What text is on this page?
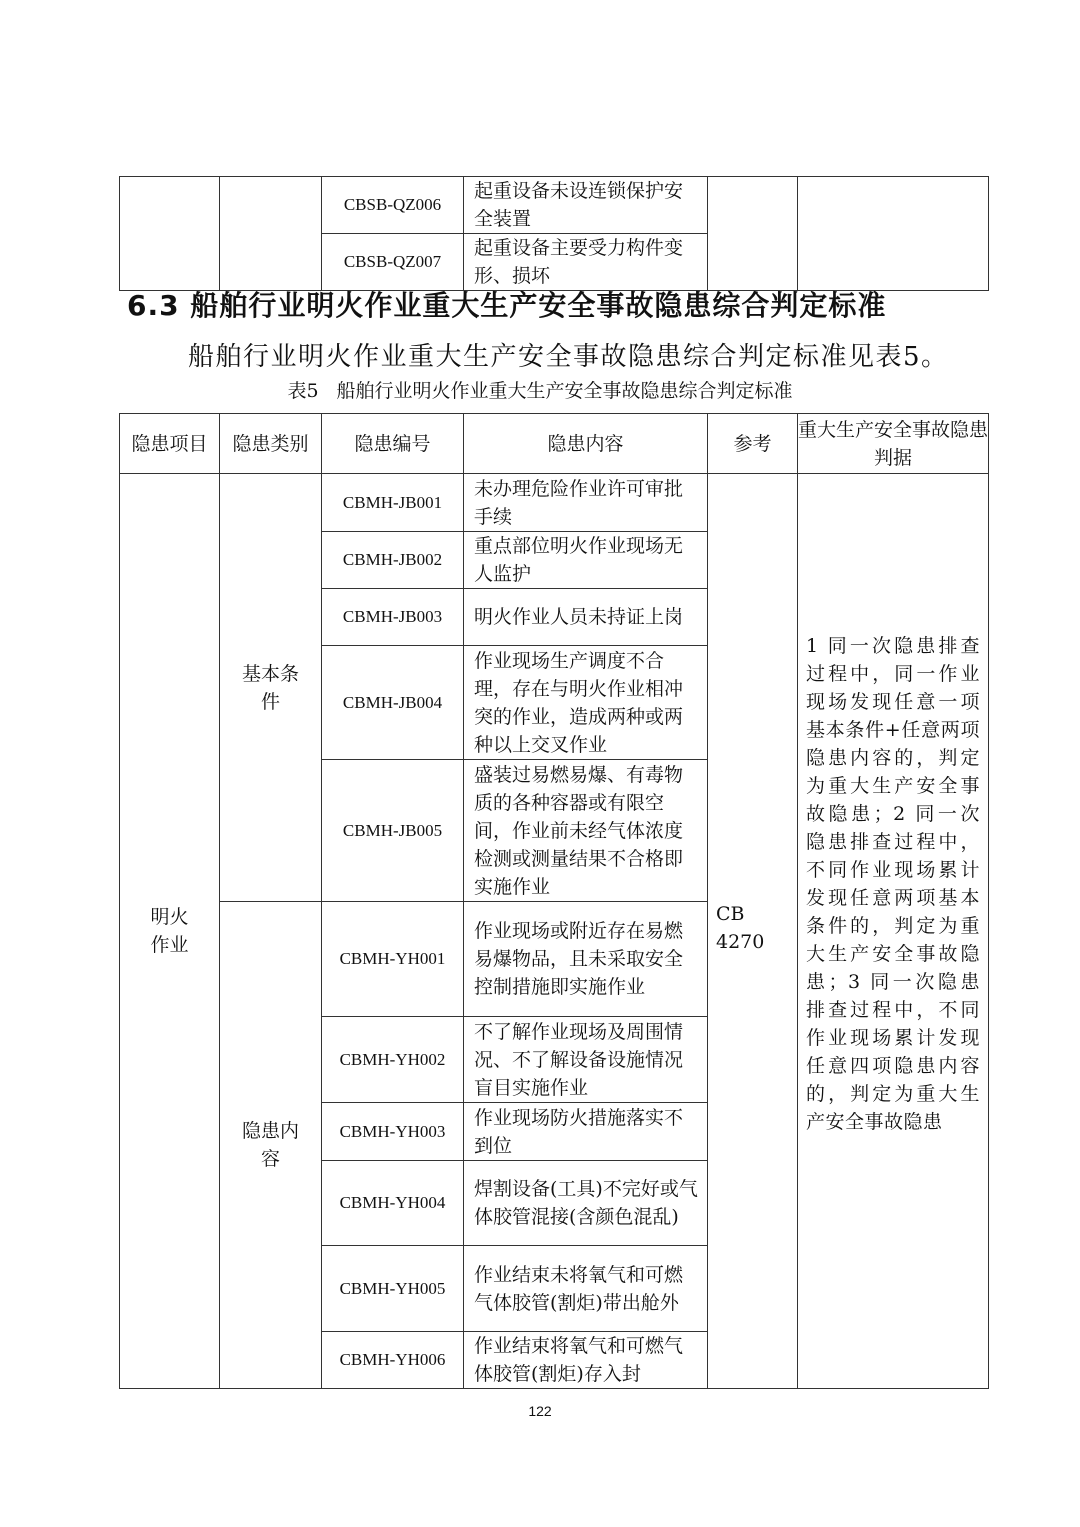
		CBSB-QZ006	起重设备未设连锁保护安全装置		
		CBSB-QZ007	起重设备主要受力构件变形、损坏		
6.3 船舶行业明火作业重大生产安全事故隐患综合判定标准
船舶行业明火作业重大生产安全事故隐患综合判定标准见表5。
表5 船舶行业明火作业重大生产安全事故隐患综合判定标准
隐患项目	隐患类别	隐患编号	隐患内容	参考	重大生产安全事故隐患判据
明火作业	基本条件	CBMH-JB001	未办理危险作业许可审批手续	CB 4270	1 同一次隐患排查过程中，同一作业现场发现任意一项基本条件+任意两项隐患内容的，判定为重大生产安全事故隐患；2 同一次隐患排查过程中，不同作业现场累计发现任意两项基本条件的，判定为重大生产安全事故隐患；3 同一次隐患排查过程中，不同作业现场累计发现任意四项隐患内容的，判定为重大生产安全事故隐患
		CBMH-JB002	重点部位明火作业现场无人监护		
		CBMH-JB003	明火作业人员未持证上岗		
		CBMH-JB004	作业现场生产调度不合理，存在与明火作业相冲突的作业，造成两种或两种以上交叉作业		
		CBMH-JB005	盛装过易燃易爆、有毒物质的各种容器或有限空间，作业前未经气体浓度检测或测量结果不合格即实施作业		
	隐患内容	CBMH-YH001	作业现场或附近存在易燃易爆物品，且未采取安全控制措施即实施作业		
		CBMH-YH002	不了解作业现场及周围情况、不了解设备设施情况盲目实施作业		
		CBMH-YH003	作业现场防火措施落实不到位		
		CBMH-YH004	焊割设备(工具)不完好或气体胶管混接(含颜色混乱)		
		CBMH-YH005	作业结束未将氧气和可燃气体胶管(割炬)带出舱外		
		CBMH-YH006	作业结束将氧气和可燃气体胶管(割炬)存入封		
122
